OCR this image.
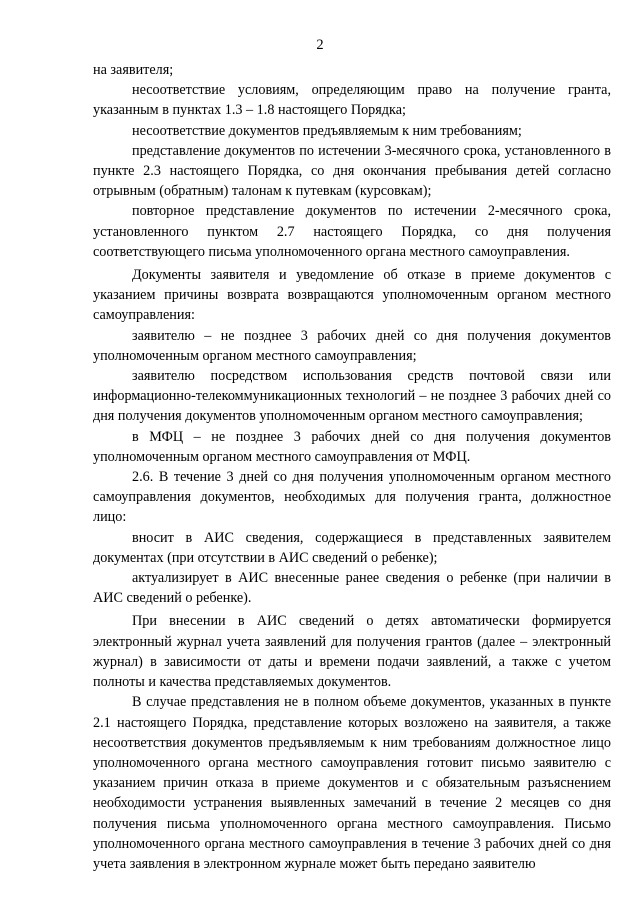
2

на заявителя;

несоответствие условиям, определяющим право на получение гранта, указанным в пунктах 1.3 – 1.8 настоящего Порядка;

несоответствие документов предъявляемым к ним требованиям;

представление документов по истечении 3-месячного срока, установленного в пункте 2.3 настоящего Порядка, со дня окончания пребывания детей согласно отрывным (обратным) талонам к путевкам (курсовкам);

повторное представление документов по истечении 2-месячного срока, установленного пунктом 2.7 настоящего Порядка, со дня получения соответствующего письма уполномоченного органа местного самоуправления.

Документы заявителя и уведомление об отказе в приеме документов с указанием причины возврата возвращаются уполномоченным органом местного самоуправления:

заявителю – не позднее 3 рабочих дней со дня получения документов уполномоченным органом местного самоуправления;

заявителю посредством использования средств почтовой связи или информационно-телекоммуникационных технологий – не позднее 3 рабочих дней со дня получения документов уполномоченным органом местного самоуправления;

в МФЦ – не позднее 3 рабочих дней со дня получения документов уполномоченным органом местного самоуправления от МФЦ.

2.6. В течение 3 дней со дня получения уполномоченным органом местного самоуправления документов, необходимых для получения гранта, должностное лицо:

вносит в АИС сведения, содержащиеся в представленных заявителем документах (при отсутствии в АИС сведений о ребенке);

актуализирует в АИС внесенные ранее сведения о ребенке (при наличии в АИС сведений о ребенке).

При внесении в АИС сведений о детях автоматически формируется электронный журнал учета заявлений для получения грантов (далее – электронный журнал) в зависимости от даты и времени подачи заявлений, а также с учетом полноты и качества представляемых документов.

В случае представления не в полном объеме документов, указанных в пункте 2.1 настоящего Порядка, представление которых возложено на заявителя, а также несоответствия документов предъявляемым к ним требованиям должностное лицо уполномоченного органа местного самоуправления готовит письмо заявителю с указанием причин отказа в приеме документов и с обязательным разъяснением необходимости устранения выявленных замечаний в течение 2 месяцев со дня получения письма уполномоченного органа местного самоуправления. Письмо уполномоченного органа местного самоуправления в течение 3 рабочих дней со дня учета заявления в электронном журнале может быть передано заявителю
